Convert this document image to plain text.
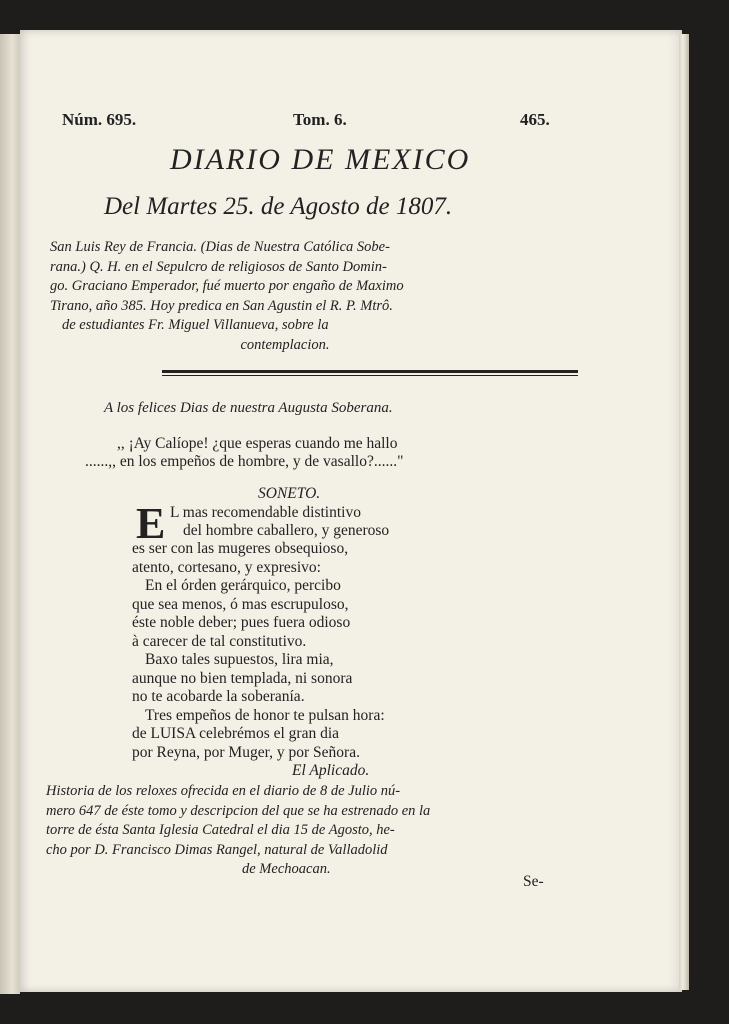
Núm. 695.	Tom. 6.	465.
DIARIO DE MEXICO
Del Martes 25. de Agosto de 1807.
San Luis Rey de Francia. (Dias de Nuestra Católica Sobe-
rana.) Q. H. en el Sepulcro de religiosos de Santo Domin-
go. Graciano Emperador, fué muerto por engaño de Maximo
Tirano, año 385. Hoy predica en San Agustin el R. P. Mtrô.
de estudiantes Fr. Miguel Villanueva, sobre la
contemplacion.
A los felices Dias de nuestra Augusta Soberana.
,, ¡Ay Calíope! ¿que esperas cuando me hallo
......,, en los empeños de hombre, y de vasallo?......"
SONETO.
E L mas recomendable distintivo
del hombre caballero, y generoso
es ser con las mugeres obsequioso,
atento, cortesano, y expresivo:
En el órden gerárquico, percibo
que sea menos, ó mas escrupuloso,
éste noble deber; pues fuera odioso
à carecer de tal constitutivo.
Baxo tales supuestos, lira mia,
aunque no bien templada, ni sonora
no te acobarde la soberanía.
Tres empeños de honor te pulsan hora:
de LUISA celebrémos el gran dia
por Reyna, por Muger, y por Señora.
El Aplicado.
Historia de los reloxes ofrecida en el diario de 8 de Julio nú-
mero 647 de éste tomo y descripcion del que se ha estrenado en la
torre de ésta Santa Iglesia Catedral el dia 15 de Agosto, he-
cho por D. Francisco Dimas Rangel, natural de Valladolid
de Mechoacan.
Se-
